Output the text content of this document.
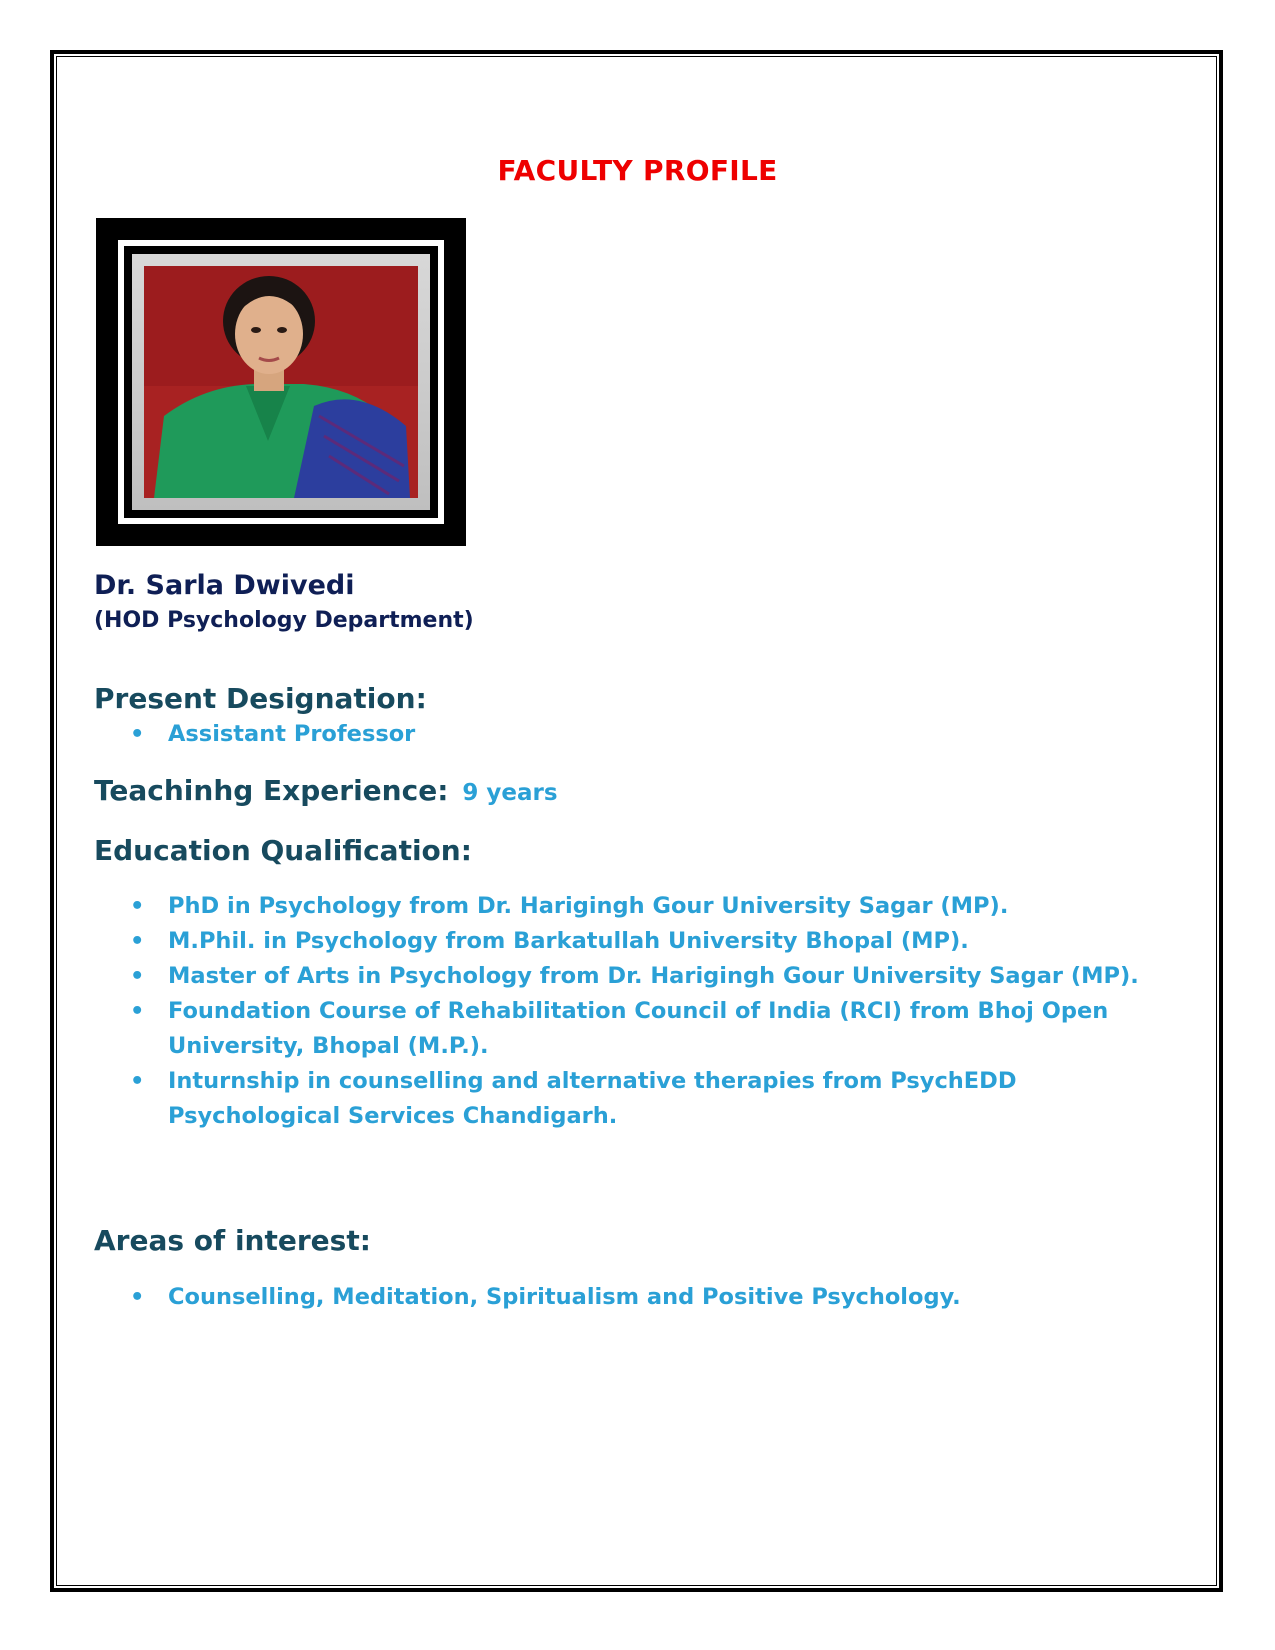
FACULTY PROFILE
Dr. Sarla Dwivedi
(HOD Psychology Department)
Present Designation:
• Assistant Professor
Teachinhg Experience: 9 years
Education Qualification:
• PhD in Psychology from Dr. Harigingh Gour University Sagar (MP).
• M.Phil. in Psychology from Barkatullah University Bhopal (MP).
• Master of Arts in Psychology from Dr. Harigingh Gour University Sagar (MP).
• Foundation Course of Rehabilitation Council of India (RCI) from Bhoj Open University, Bhopal (M.P.).
• Inturnship in counselling and alternative therapies from PsychEDD Psychological Services Chandigarh.
Areas of interest:
• Counselling, Meditation, Spiritualism and Positive Psychology.
